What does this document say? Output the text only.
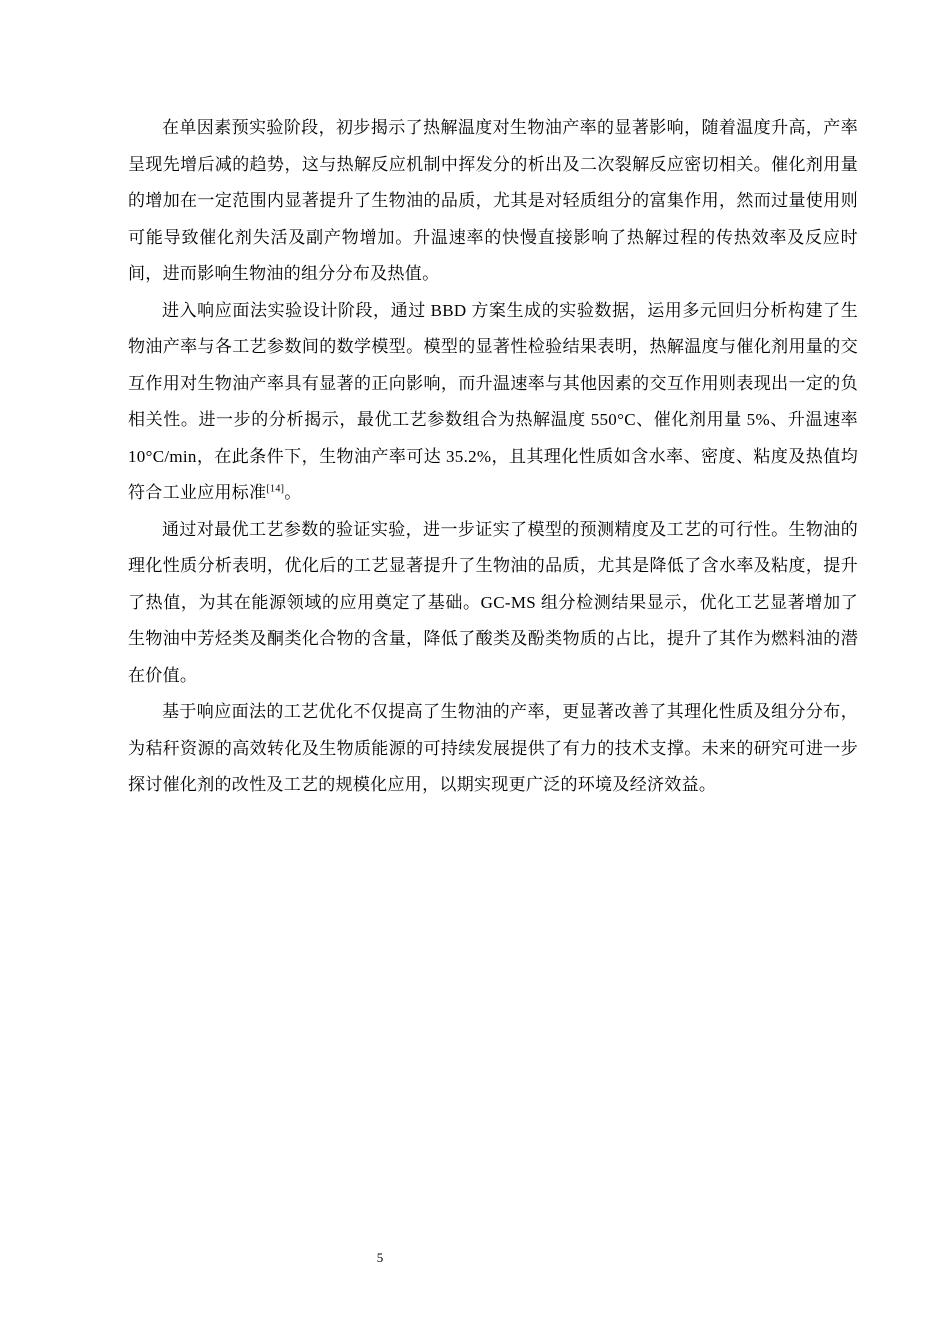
在单因素预实验阶段，初步揭示了热解温度对生物油产率的显著影响，随着温度升高，产率呈现先增后减的趋势，这与热解反应机制中挥发分的析出及二次裂解反应密切相关。催化剂用量的增加在一定范围内显著提升了生物油的品质，尤其是对轻质组分的富集作用，然而过量使用则可能导致催化剂失活及副产物增加。升温速率的快慢直接影响了热解过程的传热效率及反应时间，进而影响生物油的组分分布及热值。

进入响应面法实验设计阶段，通过 BBD 方案生成的实验数据，运用多元回归分析构建了生物油产率与各工艺参数间的数学模型。模型的显著性检验结果表明，热解温度与催化剂用量的交互作用对生物油产率具有显著的正向影响，而升温速率与其他因素的交互作用则表现出一定的负相关性。进一步的分析揭示，最优工艺参数组合为热解温度 550°C、催化剂用量 5%、升温速率 10°C/min，在此条件下，生物油产率可达 35.2%，且其理化性质如含水率、密度、粘度及热值均符合工业应用标准[14]。

通过对最优工艺参数的验证实验，进一步证实了模型的预测精度及工艺的可行性。生物油的理化性质分析表明，优化后的工艺显著提升了生物油的品质，尤其是降低了含水率及粘度，提升了热值，为其在能源领域的应用奠定了基础。GC-MS 组分检测结果显示，优化工艺显著增加了生物油中芳烃类及酮类化合物的含量，降低了酸类及酚类物质的占比，提升了其作为燃料油的潜在价值。

基于响应面法的工艺优化不仅提高了生物油的产率，更显著改善了其理化性质及组分分布，为秸秆资源的高效转化及生物质能源的可持续发展提供了有力的技术支撑。未来的研究可进一步探讨催化剂的改性及工艺的规模化应用，以期实现更广泛的环境及经济效益。

5
